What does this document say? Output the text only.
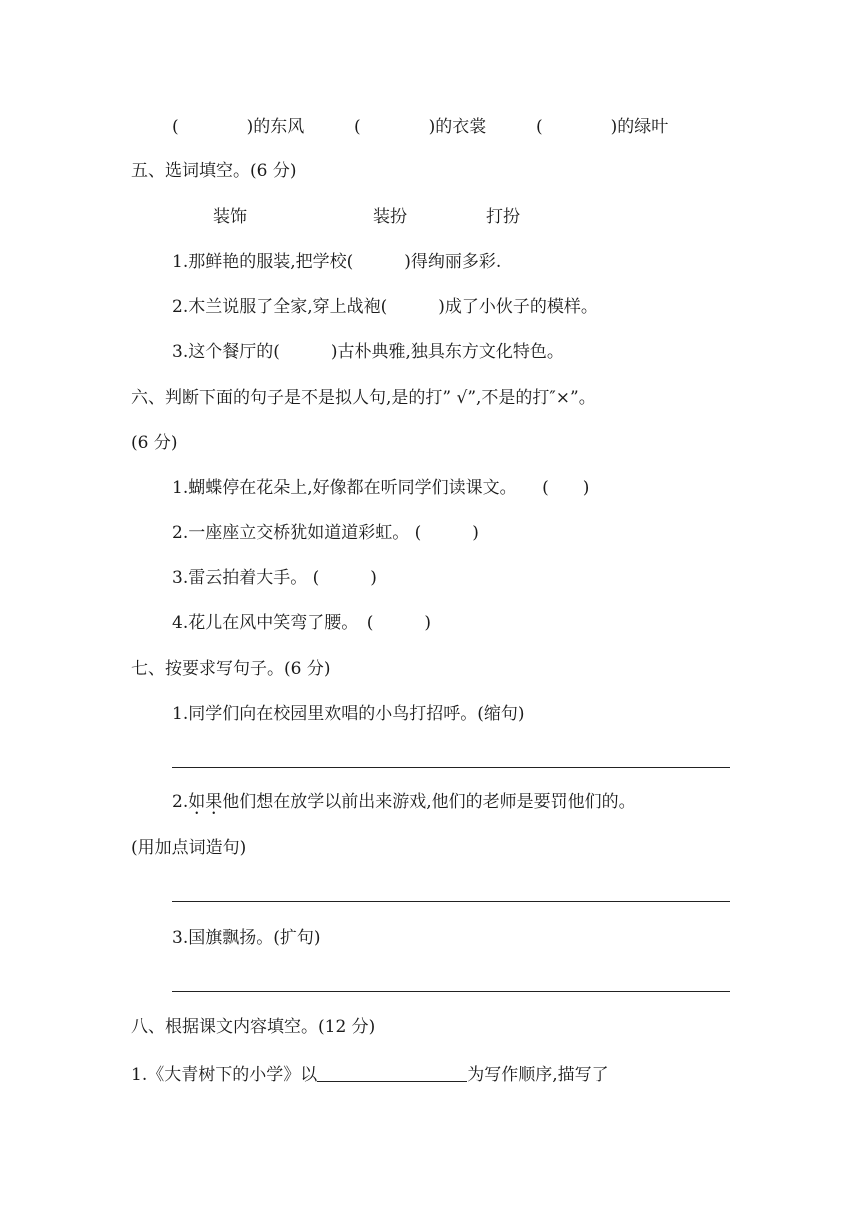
(　　　　)的东风	(　　　　)的衣裳	(　　　　)的绿叶
五、选词填空。(6 分)
装饰	装扮	打扮
1.那鲜艳的服装,把学校(　　　)得绚丽多彩.
2.木兰说服了全家,穿上战袍(　　　)成了小伙子的模样。
3.这个餐厅的(　　　)古朴典雅,独具东方文化特色。
六、判断下面的句子是不是拟人句,是的打” √”,不是的打″×”。
(6 分)
1.蝴蝶停在花朵上,好像都在听同学们读课文。　　(　　)
2.一座座立交桥犹如道道彩虹。 (　　　)
3.雷云拍着大手。 (　　　)
4.花儿在风中笑弯了腰。　(　　　)
七、按要求写句子。(6 分)
1.同学们向在校园里欢唱的小鸟打招呼。(缩句)
2.如果他们想在放学以前出来游戏,他们的老师是要罚他们的。
(用加点词造句)
3.国旗飘扬。(扩句)
八、根据课文内容填空。(12 分)
1.《大青树下的小学》以	为写作顺序,描写了
